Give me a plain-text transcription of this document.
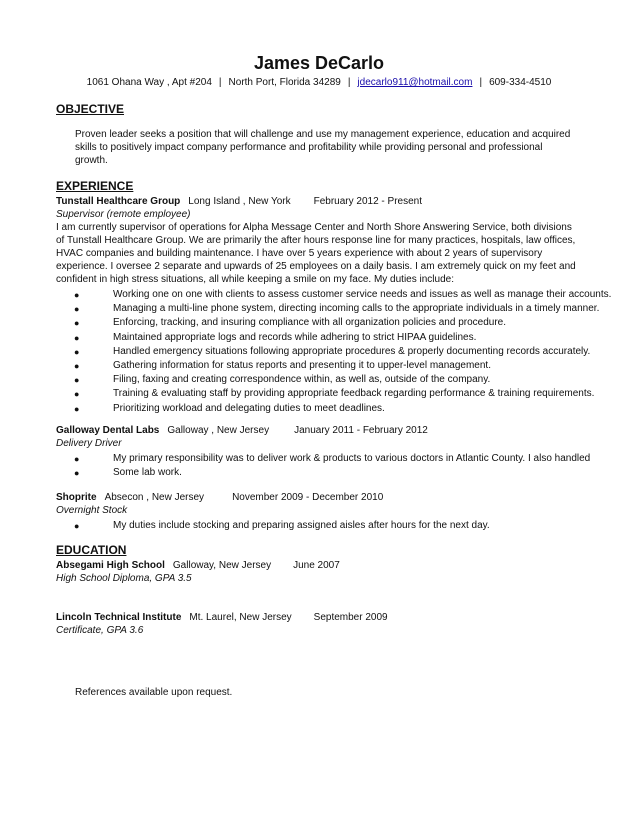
James DeCarlo
1061 Ohana Way , Apt #204 | North Port, Florida 34289 | jdecarlo911@hotmail.com | 609-334-4510
OBJECTIVE
Proven leader seeks a position that will challenge and use my management experience, education and acquired skills to positively impact company performance and profitability while providing personal and professional growth.
EXPERIENCE
Tunstall Healthcare Group Long Island , New York February 2012 - Present
Supervisor (remote employee)
I am currently supervisor of operations for Alpha Message Center and North Shore Answering Service, both divisions of Tunstall Healthcare Group. We are primarily the after hours response line for many practices, hospitals, law offices, HVAC companies and building maintenance. I have over 5 years experience with about 2 years of supervisory experience. I oversee 2 separate and upwards of 25 employees on a daily basis. I am extremely quick on my feet and confident in high stress situations, all while keeping a smile on my face. My duties include:
●	Working one on one with clients to assess customer service needs and issues as well as manage their accounts.
●	Managing a multi-line phone system, directing incoming calls to the appropriate individuals in a timely manner.
●	Enforcing, tracking, and insuring compliance with all organization policies and procedure.
●	Maintained appropriate logs and records while adhering to strict HIPAA guidelines.
●	Handled emergency situations following appropriate procedures & properly documenting records accurately.
●	Gathering information for status reports and presenting it to upper-level management.
●	Filing, faxing and creating correspondence within, as well as, outside of the company.
●	Training & evaluating staff by providing appropriate feedback regarding performance & training requirements.
●	Prioritizing workload and delegating duties to meet deadlines.
Galloway Dental Labs Galloway , New Jersey	January 2011 - February 2012
Delivery Driver
●	My primary responsibility was to deliver work & products to various doctors in Atlantic County. I also handled
●	Some lab work.
Shoprite Absecon , New Jersey	November 2009 - December 2010
Overnight Stock
●	My duties include stocking and preparing assigned aisles after hours for the next day.
EDUCATION
Absegami High School Galloway, New Jersey June 2007
High School Diploma, GPA 3.5
Lincoln Technical Institute Mt. Laurel, New Jersey September 2009
Certificate, GPA 3.6
References available upon request.
